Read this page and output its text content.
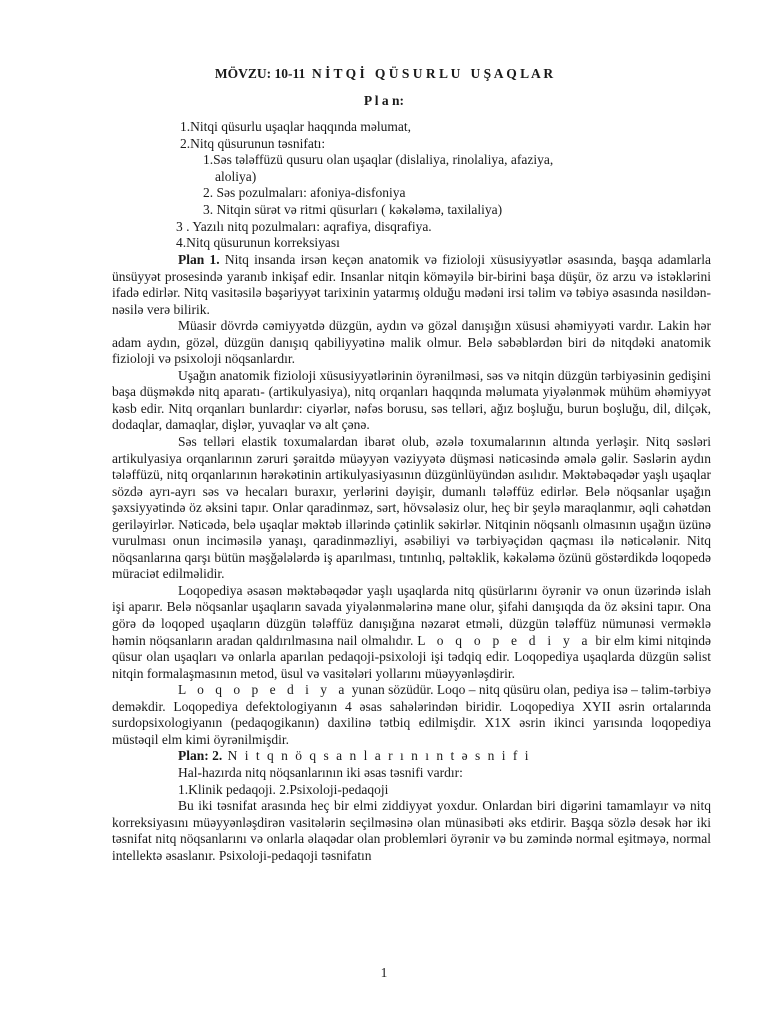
MÖVZU: 10-11  N İ T Q İ   Q Ü S U R L U   U Ş A Q L A R
P l a n:
1.Nitqi qüsurlu uşaqlar haqqında məlumat,
2.Nitq qüsurunun təsnifatı:
1.Səs tələffüzü qusuru olan uşaqlar (dislaliya, rinolaliya, afaziya,
aloliya)
2. Səs pozulmaları: afoniya-disfoniya
3. Nitqin sürət və ritmi qüsurları ( kəkələmə, taxilaliya)
3 . Yazılı nitq pozulmaları: aqrafiya, disqrafiya.
4.Nitq qüsurunun korreksiyası

Plan 1. Nitq insanda irsən keçən anatomik və fizioloji xüsusiyyətlər əsasında, başqa adamlarla ünsüyyət prosesində yaranıb inkişaf edir. Insanlar nitqin köməyilə bir-birini başa düşür, öz arzu və istəklərini ifadə edirlər. Nitq vasitəsilə bəşəriyyət tarixinin yatarmış olduğu mədəni irsi təlim və təbiyə əsasında nəsildən-nəsilə verə bilirik.

Müasir dövrdə cəmiyyətdə düzgün, aydın və gözəl danışığın xüsusi əhəmiyyəti vardır. Lakin hər adam aydın, gözəl, düzgün danışıq qabiliyyətinə malik olmur. Belə səbəblərdən biri də nitqdəki anatomik fizioloji və psixoloji nöqsanlardır.

Uşağın anatomik fizioloji xüsusiyyətlərinin öyrənilməsi, səs və nitqin düzgün tərbiyəsinin gedişini başa düşməkdə nitq aparatı- (artikulyasiya), nitq orqanları haqqında məlumata yiyələnmək mühüm əhəmiyyət kəsb edir. Nitq orqanları bunlardır: ciyərlər, nəfəs borusu, səs telləri, ağız boşluğu, burun boşluğu, dil, dilçək, dodaqlar, damaqlar, dişlər, yuvaqlar və alt çənə.

Səs telləri elastik toxumalardan ibarət olub, əzələ toxumalarının altında yerləşir. Nitq səsləri artikulyasiya orqanlarının zəruri şəraitdə müəyyən vəziyyətə düşməsi nəticəsində əmələ gəlir. Səslərin aydın tələffüzü, nitq orqanlarının hərəkətinin artikulyasiyasının düzgünlüyündən asılıdır. Məktəbəqədər yaşlı uşaqlar sözdə ayrı-ayrı səs və hecaları buraxır, yerlərini dəyişir, dumanlı tələffüz edirlər. Belə nöqsanlar uşağın şəxsiyyətində öz əksini tapır. Onlar qaradinməz, sərt, hövsələsiz olur, heç bir şeylə maraqlanmır, əqli cəhətdən geriləyirlər. Nəticədə, belə uşaqlar məktəb illərində çətinlik səkirlər. Nitqinin nöqsanlı olmasının uşağın üzünə vurulması onun inciməsilə yanaşı, qaradinməzliyi, əsəbiliyi və tərbiyəçidən qaçması ilə nəticələnir. Nitq nöqsanlarına qarşı bütün məşğələlərdə iş aparılması, tıntınlıq, pəltəklik, kəkələmə özünü göstərdikdə loqopedə müraciət edilməlidir.

Loqopediya əsasən məktəbəqədər yaşlı uşaqlarda nitq qüsürlarını öyrənir və onun üzərində islah işi aparır. Belə nöqsanlar uşaqların savada yiyələnmələrinə mane olur, şifahi danışıqda da öz əksini tapır. Ona görə də loqoped uşaqların düzgün tələffüz danışığına nəzarət etməli, düzgün tələffüz nümunəsi verməklə həmin nöqsanların aradan qaldırılmasına nail olmalıdır. L o q o p e d i y a bir elm kimi nitqində qüsur olan uşaqları və onlarla aparılan pedaqoji-psixoloji işi tədqiq edir. Loqopediya uşaqlarda düzgün səlist nitqin formalaşmasının metod, üsul və vasitələri yollarını müəyyənləşdirir.

L o q o p e d i y a yunan sözüdür. Loqo – nitq qüsüru olan, pediya isə – təlim-tərbiyə deməkdir. Loqopediya defektologiyanın 4 əsas sahələrindən biridir. Loqopediya XYII əsrin ortalarında surdopsixologiyanın (pedaqogikanın) daxilinə tətbiq edilmişdir. X1X əsrin ikinci yarısında loqopediya müstəqil elm kimi öyrənilmişdir.

Plan: 2. N i t q n ö q s a n l a r ı n ı n t ə s n i f i

Hal-hazırda nitq nöqsanlarının iki əsas təsnifi vardır:

1.Klinik pedaqoji. 2.Psixoloji-pedaqoji

Bu iki təsnifat arasında heç bir elmi ziddiyyət yoxdur. Onlardan biri digərini tamamlayır və nitq korreksiyasını müəyyənləşdirən vasitələrin seçilməsinə olan münasibəti əks etdirir. Başqa sözlə desək hər iki təsnifat nitq nöqsanlarını və onlarla əlaqədar olan problemləri öyrənir və bu zəmində normal eşitməyə, normal intellektə əsaslanır. Psixoloji-pedaqoji təsnifatın

1
